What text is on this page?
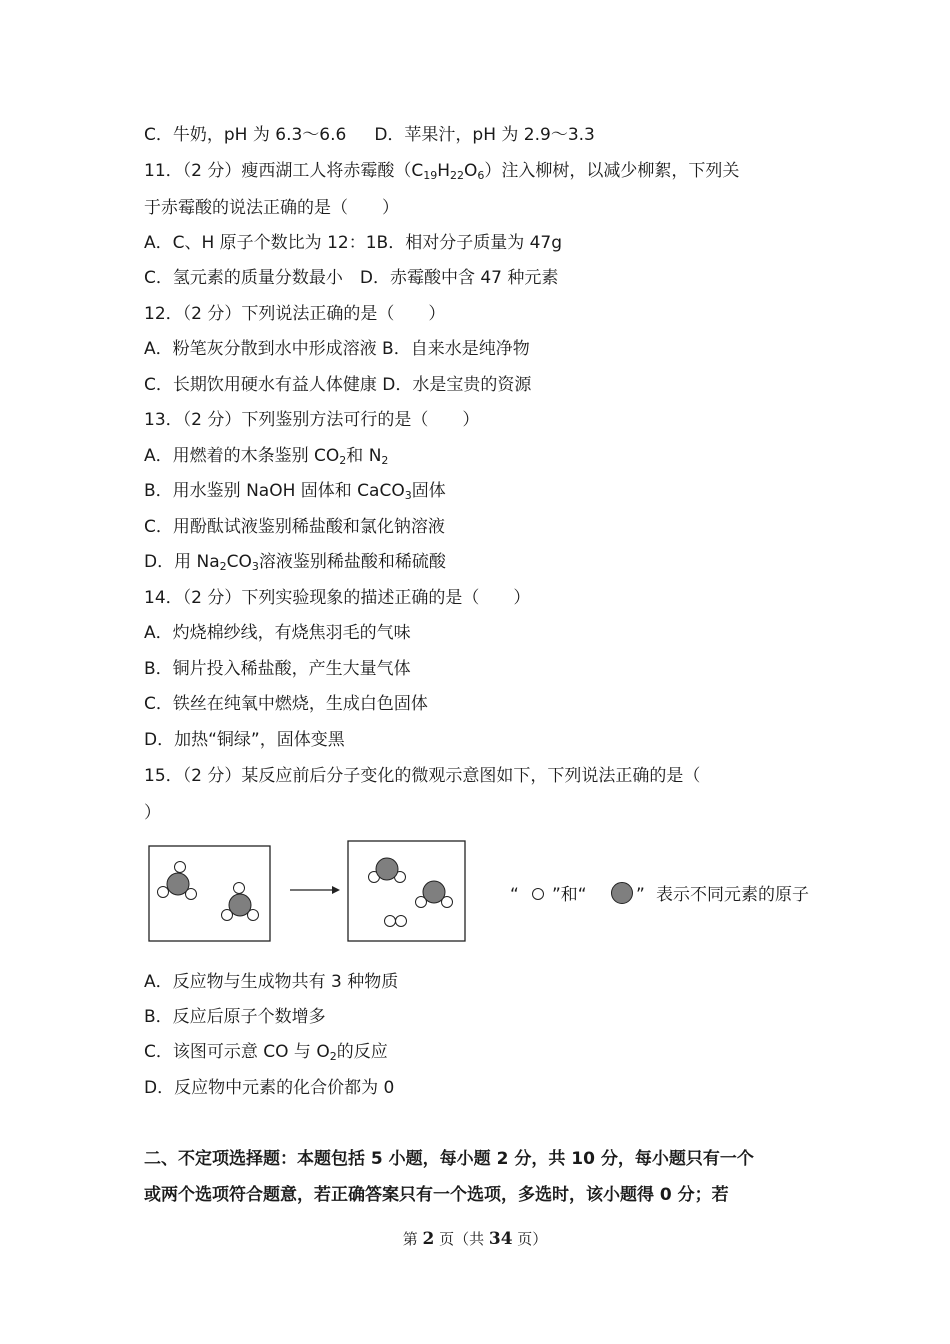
C．牛奶，pH 为 6.3～6.6 D．苹果汁，pH 为 2.9～3.3
11．（2 分）瘦西湖工人将赤霉酸$(C_{19}H_{22}O_6)$注入柳树，以减少柳絮，下列关
于赤霉酸的说法正确的是（　　）
A．C、H 原子个数比为 12：1B．相对分子质量为 47g
C．氢元素的质量分数最小　D．赤霉酸中含 47 种元素
12．（2 分）下列说法正确的是（　　）
A．粉笔灰分散到水中形成溶液 B．自来水是纯净物
C．长期饮用硬水有益人体健康 D．水是宝贵的资源
13．（2 分）下列鉴别方法可行的是（　　）
A．用燃着的木条鉴别 $CO_2$和 $N_2$
B．用水鉴别 NaOH 固体和 CaCO$_3$固体
C．用酚酞试液鉴别稀盐酸和氯化钠溶液
D．用 $Na_2CO_3$溶液鉴别稀盐酸和稀硫酸
14．（2 分）下列实验现象的描述正确的是（　　）
A．灼烧棉纱线，有烧焦羽毛的气味
B．铜片投入稀盐酸，产生大量气体
C．铁丝在纯氧中燃烧，生成白色固体
D．加热“铜绿”，固体变黑
15．（2 分）某反应前后分子变化的微观示意图如下，下列说法正确的是（
）
“ ”和“	” 表示不同元素的原子
A．反应物与生成物共有 3 种物质
B．反应后原子个数增多
C．该图可示意 CO 与 $O_2$的反应
D．反应物中元素的化合价都为 0
二、不定项选择题：本题包括 5 小题，每小题 2 分，共 10 分，每小题只有一个
或两个选项符合题意，若正确答案只有一个选项，多选时，该小题得 0 分；若
第 2 页（共 34 页）
